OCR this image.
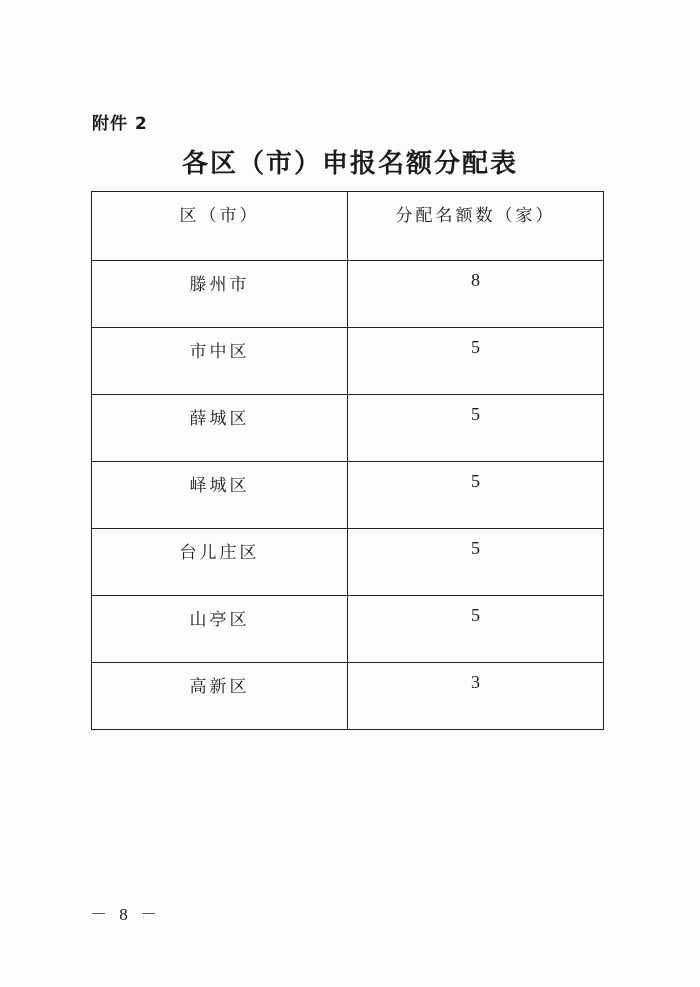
附件 2
各区（市）申报名额分配表
区（市）	分配名额数（家）

滕州市	8

市中区	5

薛城区	5

峄城区	5

台儿庄区	5

山亭区	5

高新区	3
－ 8 －
